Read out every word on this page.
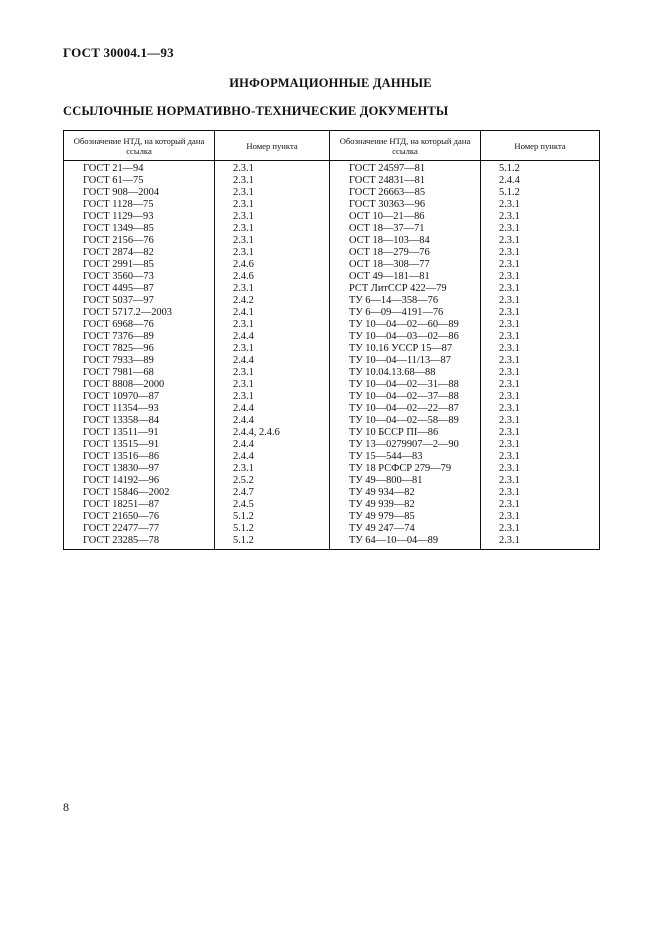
ГОСТ 30004.1—93
ИНФОРМАЦИОННЫЕ ДАННЫЕ
ССЫЛОЧНЫЕ НОРМАТИВНО-ТЕХНИЧЕСКИЕ ДОКУМЕНТЫ
Обозначение НТД, на который дана ссылка	Номер пункта	Обозначение НТД, на который дана ссылка	Номер пункта
ГОСТ 21—94	2.3.1	ГОСТ 24597—81	5.1.2
ГОСТ 61—75	2.3.1	ГОСТ 24831—81	2.4.4
ГОСТ 908—2004	2.3.1	ГОСТ 26663—85	5.1.2
ГОСТ 1128—75	2.3.1	ГОСТ 30363—96	2.3.1
ГОСТ 1129—93	2.3.1	ОСТ 10—21—86	2.3.1
ГОСТ 1349—85	2.3.1	ОСТ 18—37—71	2.3.1
ГОСТ 2156—76	2.3.1	ОСТ 18—103—84	2.3.1
ГОСТ 2874—82	2.3.1	ОСТ 18—279—76	2.3.1
ГОСТ 2991—85	2.4.6	ОСТ 18—308—77	2.3.1
ГОСТ 3560—73	2.4.6	ОСТ 49—181—81	2.3.1
ГОСТ 4495—87	2.3.1	РСТ ЛитССР 422—79	2.3.1
ГОСТ 5037—97	2.4.2	ТУ 6—14—358—76	2.3.1
ГОСТ 5717.2—2003	2.4.1	ТУ 6—09—4191—76	2.3.1
ГОСТ 6968—76	2.3.1	ТУ 10—04—02—60—89	2.3.1
ГОСТ 7376—89	2.4.4	ТУ 10—04—03—02—86	2.3.1
ГОСТ 7825—96	2.3.1	ТУ 10.16 УССР 15—87	2.3.1
ГОСТ 7933—89	2.4.4	ТУ 10—04—11/13—87	2.3.1
ГОСТ 7981—68	2.3.1	ТУ 10.04.13.68—88	2.3.1
ГОСТ 8808—2000	2.3.1	ТУ 10—04—02—31—88	2.3.1
ГОСТ 10970—87	2.3.1	ТУ 10—04—02—37—88	2.3.1
ГОСТ 11354—93	2.4.4	ТУ 10—04—02—22—87	2.3.1
ГОСТ 13358—84	2.4.4	ТУ 10—04—02—58—89	2.3.1
ГОСТ 13511—91	2.4.4, 2.4.6	ТУ 10 БССР ПI—86	2.3.1
ГОСТ 13515—91	2.4.4	ТУ 13—0279907—2—90	2.3.1
ГОСТ 13516—86	2.4.4	ТУ 15—544—83	2.3.1
ГОСТ 13830—97	2.3.1	ТУ 18 РСФСР 279—79	2.3.1
ГОСТ 14192—96	2.5.2	ТУ 49—800—81	2.3.1
ГОСТ 15846—2002	2.4.7	ТУ 49 934—82	2.3.1
ГОСТ 18251—87	2.4.5	ТУ 49 939—82	2.3.1
ГОСТ 21650—76	5.1.2	ТУ 49 979—85	2.3.1
ГОСТ 22477—77	5.1.2	ТУ 49 247—74	2.3.1
ГОСТ 23285—78	5.1.2	ТУ 64—10—04—89	2.3.1
8
